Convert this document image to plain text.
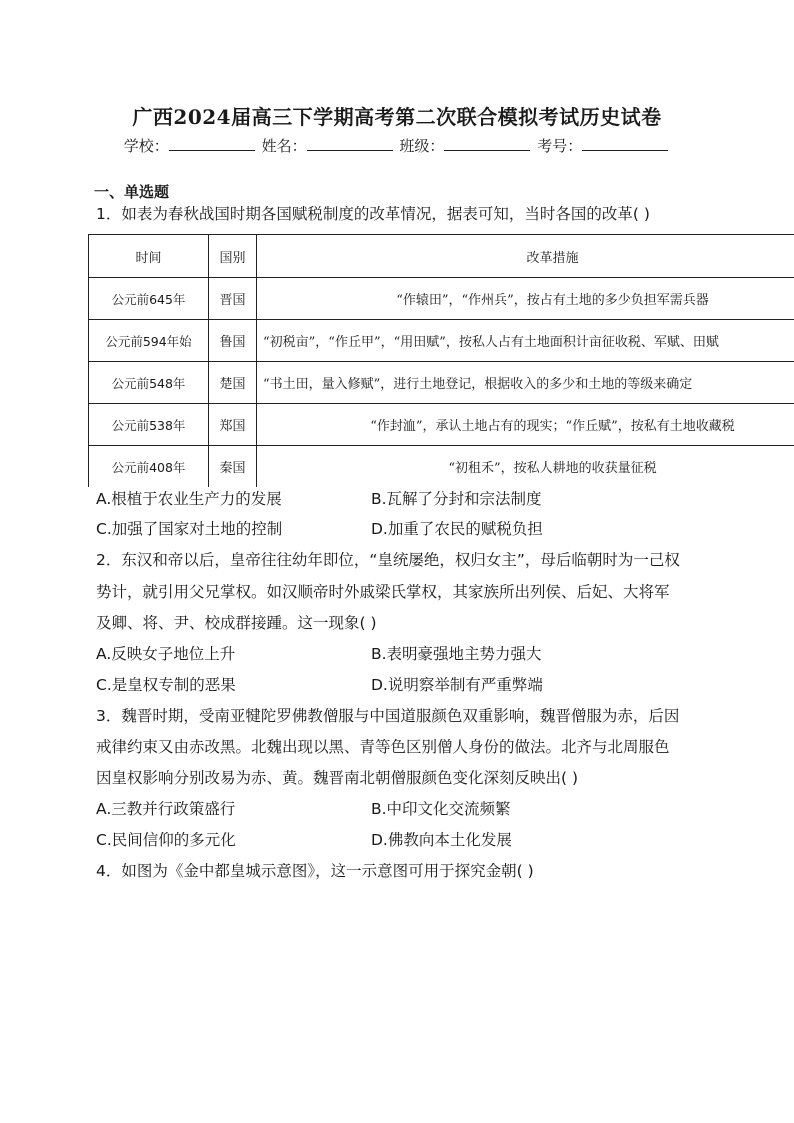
广西2024届高三下学期高考第二次联合模拟考试历史试卷
学校：	姓名：	班级：	考号：
一、单选题
1．如表为春秋战国时期各国赋税制度的改革情况，据表可知，当时各国的改革( )
时间	国别	改革措施
公元前645年	晋国	“作辕田”，“作州兵”，按占有土地的多少负担军需兵器
公元前594年始	鲁国	“初税亩”，“作丘甲”，“用田赋”，按私人占有土地面积计亩征收税、军赋、田赋
公元前548年	楚国	“书土田，量入修赋”，进行土地登记，根据收入的多少和土地的等级来确定
公元前538年	郑国	“作封洫”，承认土地占有的现实；“作丘赋”，按私有土地收藏税
公元前408年	秦国	“初租禾”，按私人耕地的收获量征税
A.根植于农业生产力的发展	B.瓦解了分封和宗法制度
C.加强了国家对土地的控制	D.加重了农民的赋税负担
2．东汉和帝以后，皇帝往往幼年即位，“皇统屡绝，权归女主”，母后临朝时为一己权
势计，就引用父兄掌权。如汉顺帝时外戚梁氏掌权，其家族所出列侯、后妃、大将军
及卿、将、尹、校成群接踵。这一现象( )
A.反映女子地位上升	B.表明豪强地主势力强大
C.是皇权专制的恶果	D.说明察举制有严重弊端
3．魏晋时期，受南亚犍陀罗佛教僧服与中国道服颜色双重影响，魏晋僧服为赤，后因
戒律约束又由赤改黑。北魏出现以黑、青等色区别僧人身份的做法。北齐与北周服色
因皇权影响分别改易为赤、黄。魏晋南北朝僧服颜色变化深刻反映出( )
A.三教并行政策盛行	B.中印文化交流频繁
C.民间信仰的多元化	D.佛教向本土化发展
4．如图为《金中都皇城示意图》，这一示意图可用于探究金朝( )
